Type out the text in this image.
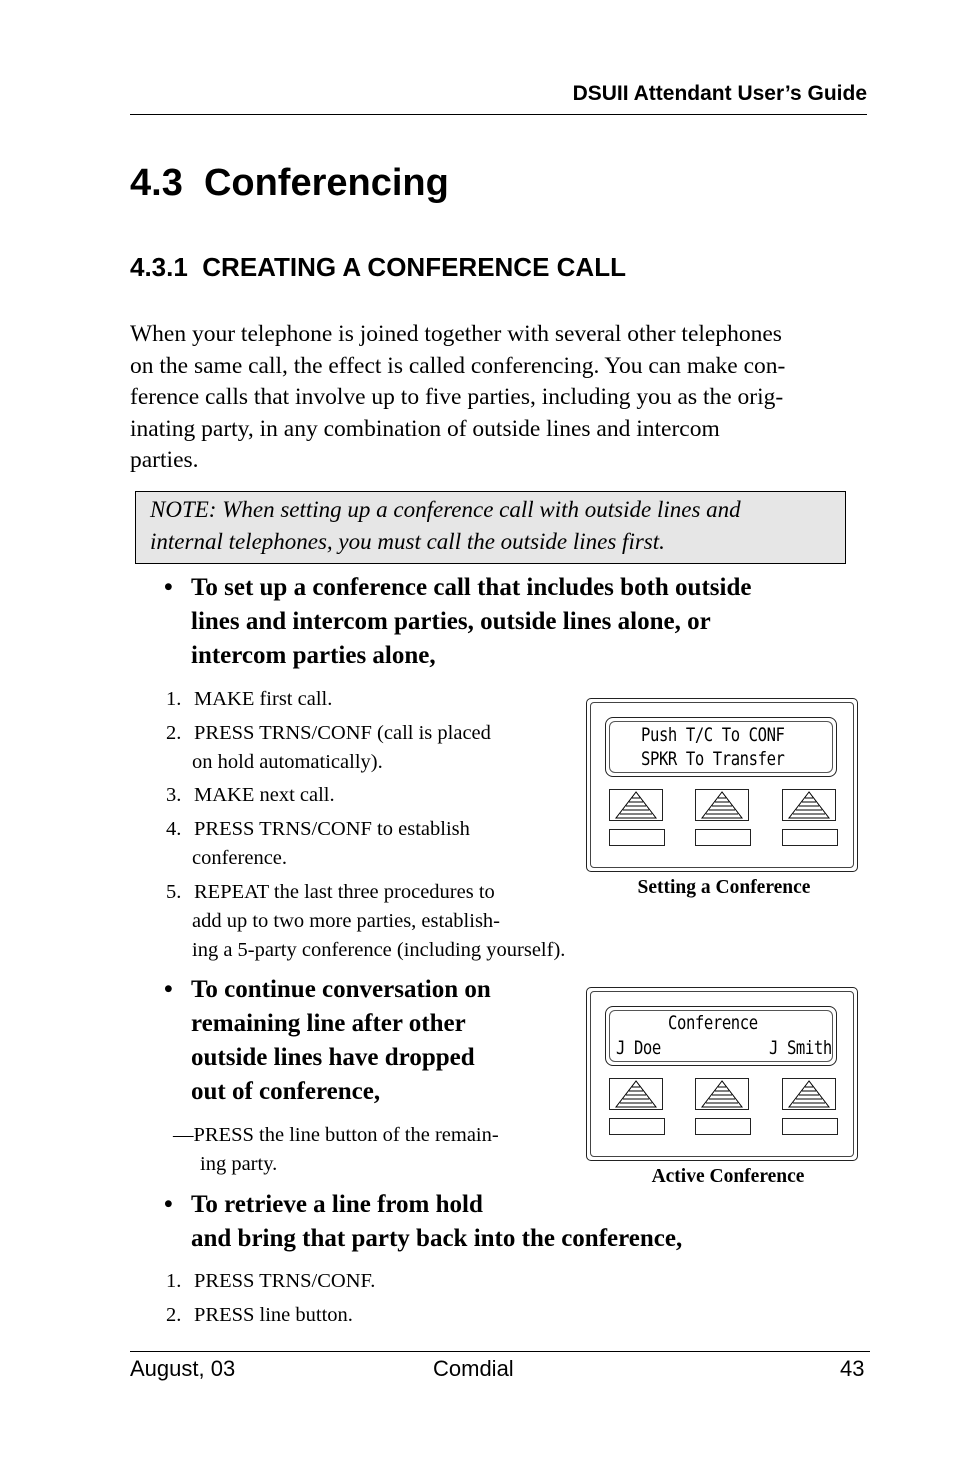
DSUII Attendant User’s Guide
4.3  Conferencing
4.3.1  CREATING A CONFERENCE CALL
When your telephone is joined together with several other telephones
on the same call, the effect is called conferencing. You can make con-
ference calls that involve up to five parties, including you as the orig-
inating party, in any combination of outside lines and intercom
parties.
NOTE: When setting up a conference call with outside lines and
internal telephones, you must call the outside lines first.
• To set up a conference call that includes both outside
lines and intercom parties, outside lines alone, or
intercom parties alone,
1. MAKE first call.
2. PRESS TRNS/CONF (call is placed
on hold automatically).
3. MAKE next call.
4. PRESS TRNS/CONF to establish
conference.
5. REPEAT the last three procedures to
add up to two more parties, establish-
ing a 5-party conference (including yourself).
Push T/C To CONF
SPKR To Transfer
Setting a Conference
• To continue conversation on
remaining line after other
outside lines have dropped
out of conference,
—PRESS the line button of the remain-
ing party.
Conference
J Doe	J Smith
Active Conference
• To retrieve a line from hold
and bring that party back into the conference,
1. PRESS TRNS/CONF.
2. PRESS line button.
August, 03	Comdial	43
